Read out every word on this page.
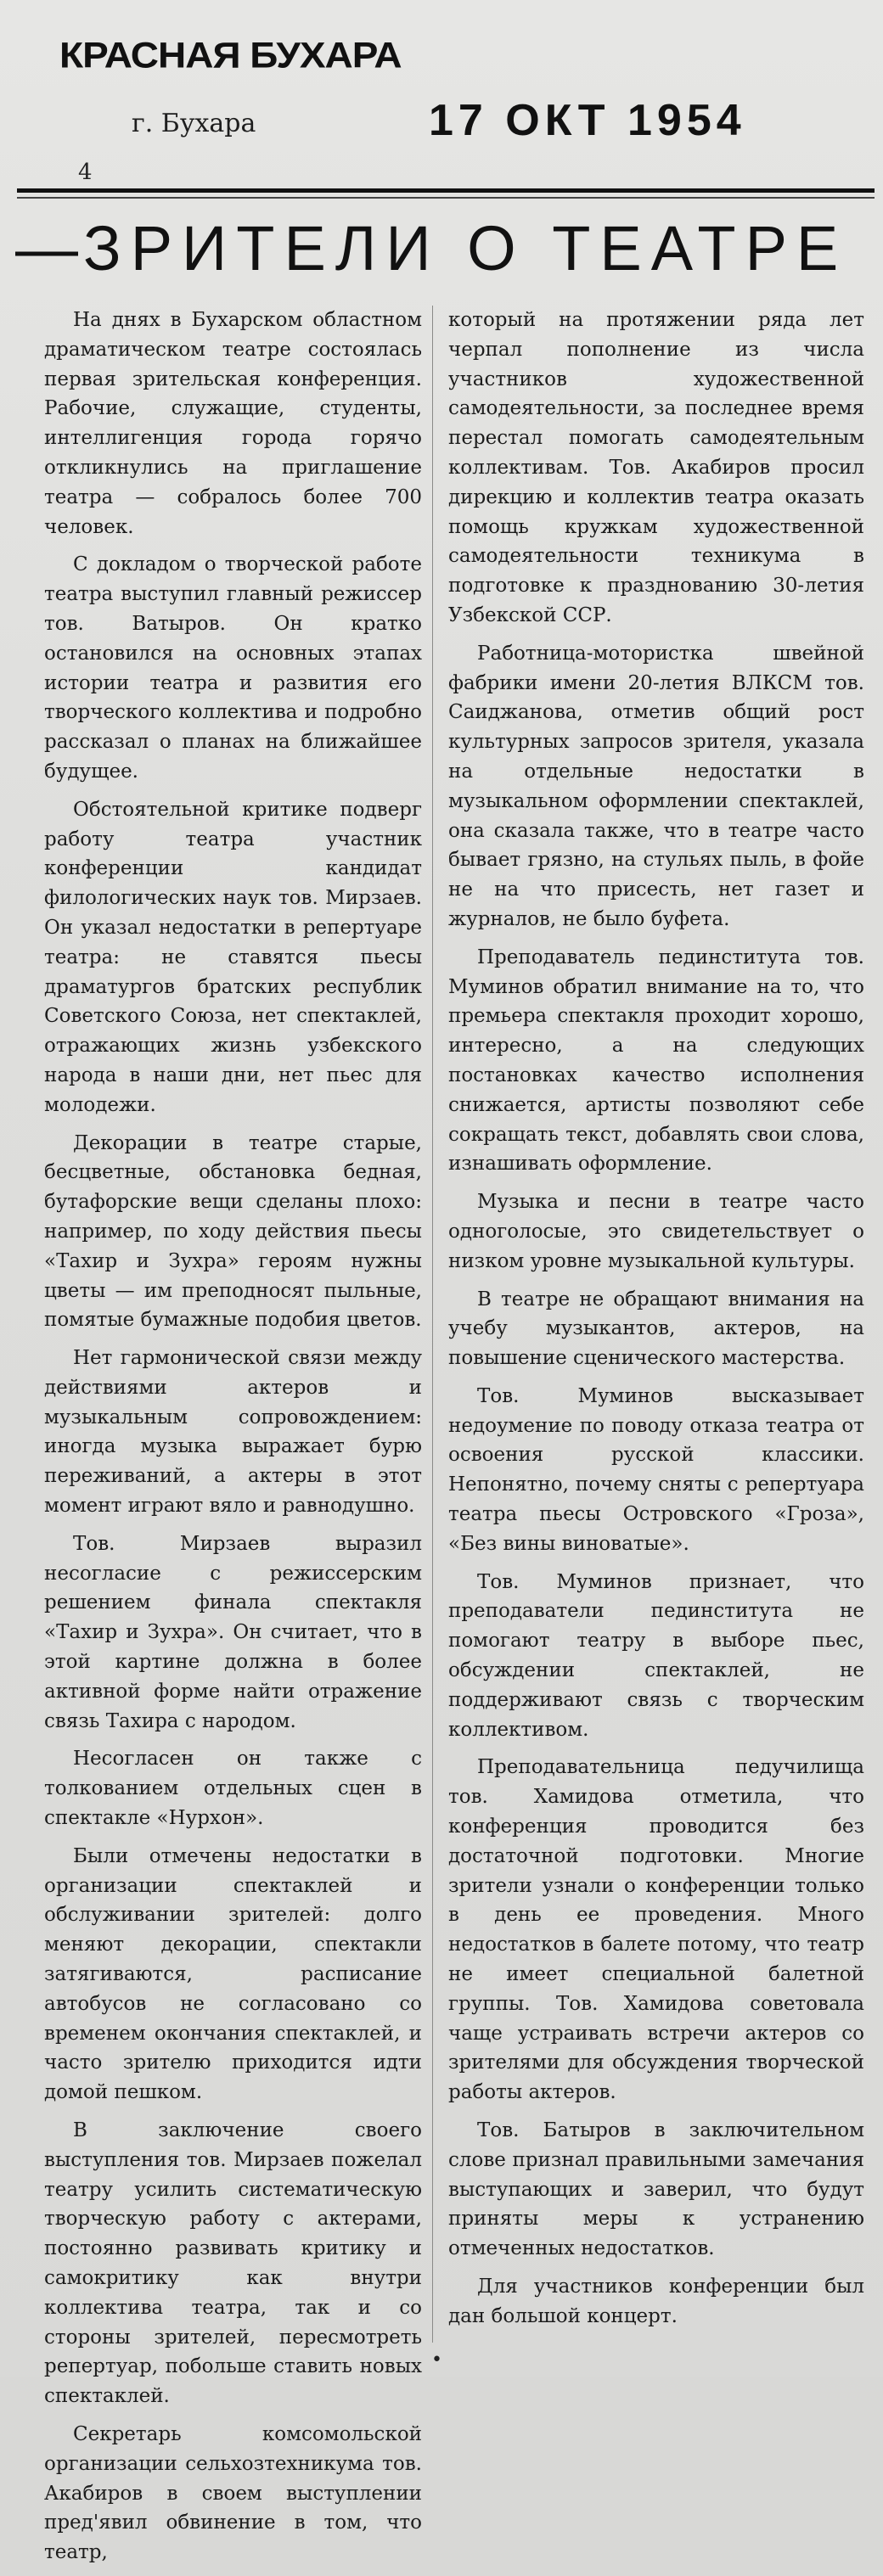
КРАСНАЯ БУХАРА
г. Бухара	17 ОКТ 1954
4
—ЗРИТЕЛИ О ТЕАТРЕ

На днях в Бухарском областном драматическом театре состоялась первая зрительская конференция. Рабочие, служащие, студенты, интеллигенция города горячо откликнулись на приглашение театра — собралось более 700 человек.

С докладом о творческой работе театра выступил главный режиссер тов. Ватыров. Он кратко остановился на основных этапах истории театра и развития его творческого коллектива и подробно рассказал о планах на ближайшее будущее.

Обстоятельной критике подверг работу театра участник конференции кандидат филологических наук тов. Мирзаев. Он указал недостатки в репертуаре театра: не ставятся пьесы драматургов братских республик Советского Союза, нет спектаклей, отражающих жизнь узбекского народа в наши дни, нет пьес для молодежи.

Декорации в театре старые, бесцветные, обстановка бедная, бутафорские вещи сделаны плохо: например, по ходу действия пьесы «Тахир и Зухра» героям нужны цветы — им преподносят пыльные, помятые бумажные подобия цветов.

Нет гармонической связи между действиями актеров и музыкальным сопровождением: иногда музыка выражает бурю переживаний, а актеры в этот момент играют вяло и равнодушно.

Тов. Мирзаев выразил несогласие с режиссерским решением финала спектакля «Тахир и Зухра». Он считает, что в этой картине должна в более активной форме найти отражение связь Тахира с народом.

Несогласен он также с толкованием отдельных сцен в спектакле «Нурхон».

Были отмечены недостатки в организации спектаклей и обслуживании зрителей: долго меняют декорации, спектакли затягиваются, расписание автобусов не согласовано со временем окончания спектаклей, и часто зрителю приходится идти домой пешком.

В заключение своего выступления тов. Мирзаев пожелал театру усилить систематическую творческую работу с актерами, постоянно развивать критику и самокритику как внутри коллектива театра, так и со стороны зрителей, пересмотреть репертуар, побольше ставить новых спектаклей.

Секретарь комсомольской организации сельхозтехникума тов. Акабиров в своем выступлении пред'явил обвинение в том, что театр,

который на протяжении ряда лет черпал пополнение из числа участников художественной самодеятельности, за последнее время перестал помогать самодеятельным коллективам. Тов. Акабиров просил дирекцию и коллектив театра оказать помощь кружкам художественной самодеятельности техникума в подготовке к празднованию 30-летия Узбекской ССР.

Работница-мотористка швейной фабрики имени 20-летия ВЛКСМ тов. Саиджанова, отметив общий рост культурных запросов зрителя, указала на отдельные недостатки в музыкальном оформлении спектаклей, она сказала также, что в театре часто бывает грязно, на стульях пыль, в фойе не на что присесть, нет газет и журналов, не было буфета.

Преподаватель пединститута тов. Муминов обратил внимание на то, что премьера спектакля проходит хорошо, интересно, а на следующих постановках качество исполнения снижается, артисты позволяют себе сокращать текст, добавлять свои слова, изнашивать оформление.

Музыка и песни в театре часто одноголосые, это свидетельствует о низком уровне музыкальной культуры.

В театре не обращают внимания на учебу музыкантов, актеров, на повышение сценического мастерства.

Тов. Муминов высказывает недоумение по поводу отказа театра от освоения русской классики. Непонятно, почему сняты с репертуара театра пьесы Островского «Гроза», «Без вины виноватые».

Тов. Муминов признает, что преподаватели пединститута не помогают театру в выборе пьес, обсуждении спектаклей, не поддерживают связь с творческим коллективом.

Преподавательница педучилища тов. Хамидова отметила, что конференция проводится без достаточной подготовки. Многие зрители узнали о конференции только в день ее проведения. Много недостатков в балете потому, что театр не имеет специальной балетной группы. Тов. Хамидова советовала чаще устраивать встречи актеров со зрителями для обсуждения творческой работы актеров.

Тов. Батыров в заключительном слове признал правильными замечания выступающих и заверил, что будут приняты меры к устранению отмеченных недостатков.

Для участников конференции был дан большой концерт.

•
